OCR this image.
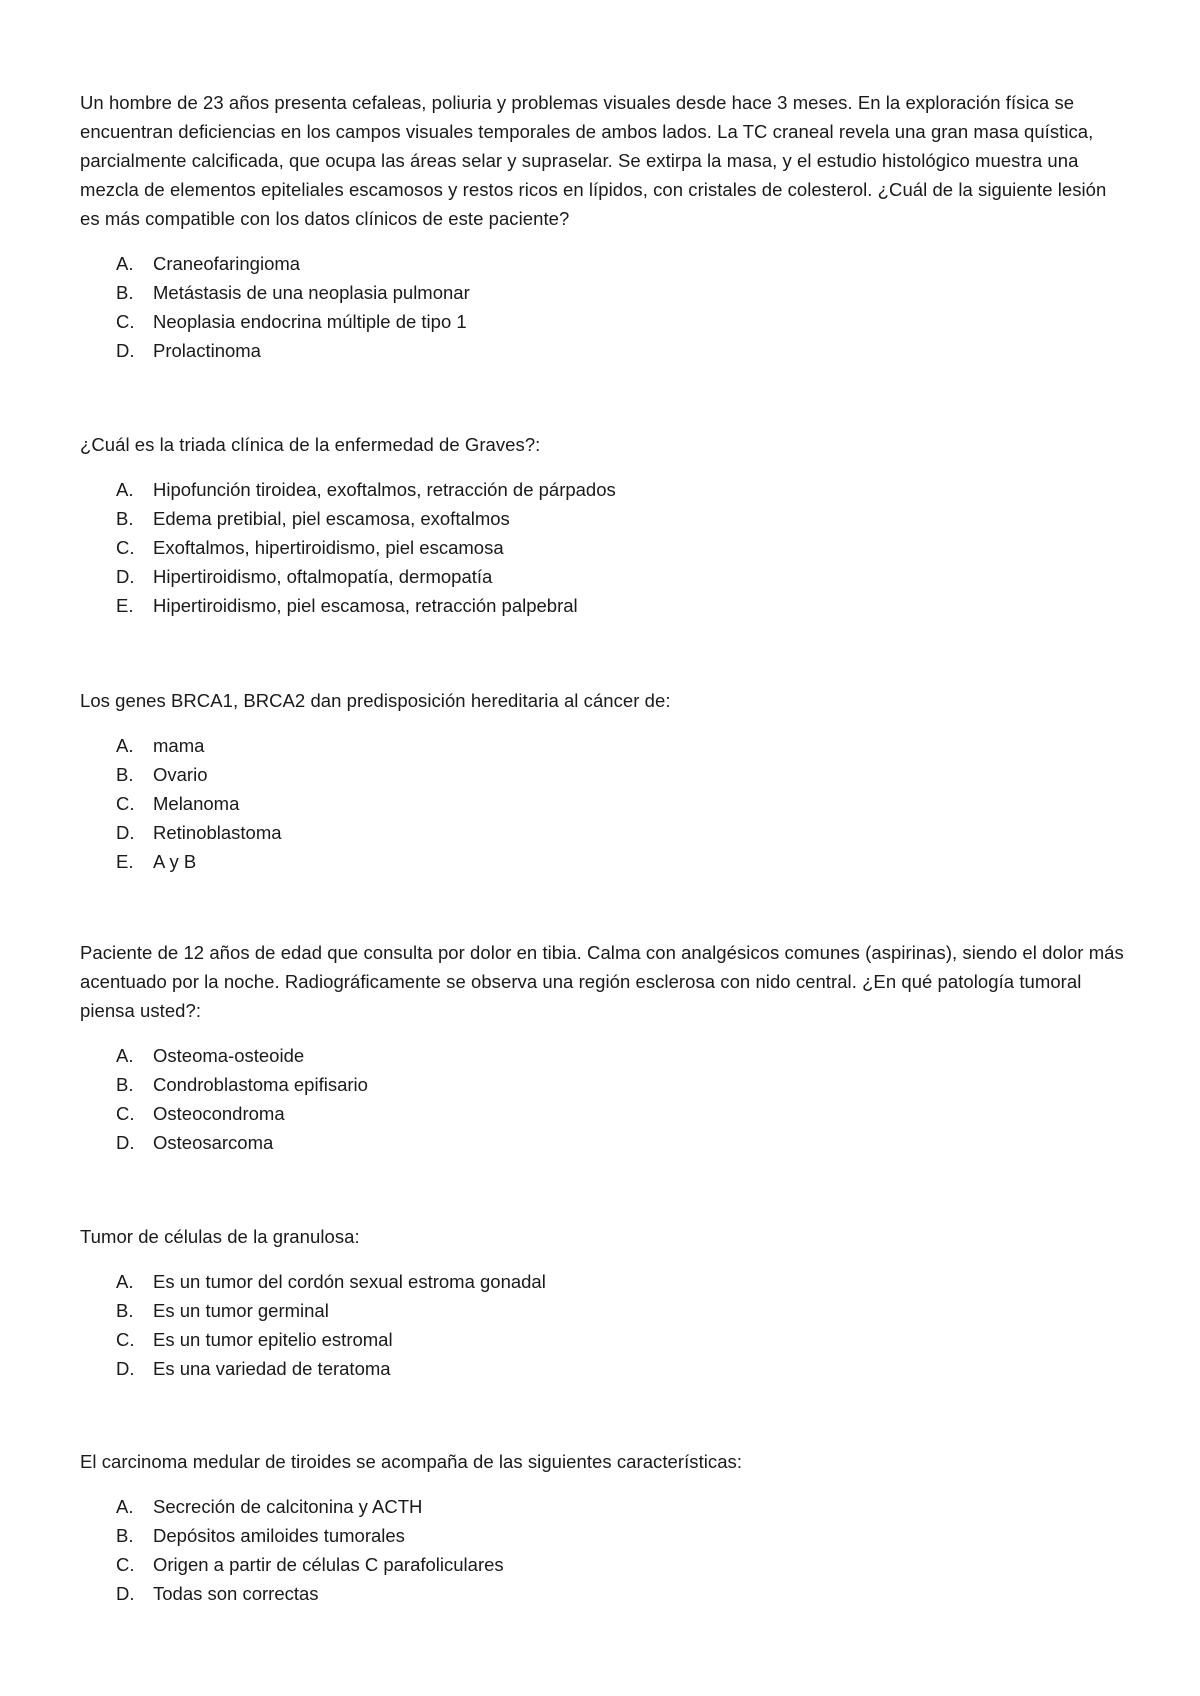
Un hombre de 23 años presenta cefaleas, poliuria y problemas visuales desde hace 3 meses. En la exploración física se encuentran deficiencias en los campos visuales temporales de ambos lados. La TC craneal revela una gran masa quística, parcialmente calcificada, que ocupa las áreas selar y supraselar. Se extirpa la masa, y el estudio histológico muestra una mezcla de elementos epiteliales escamosos y restos ricos en lípidos, con cristales de colesterol. ¿Cuál de la siguiente lesión es más compatible con los datos clínicos de este paciente?

A.	Craneofaringioma
B.	Metástasis de una neoplasia pulmonar
C.	Neoplasia endocrina múltiple de tipo 1
D.	Prolactinoma

¿Cuál es la triada clínica de la enfermedad de Graves?:

A.	Hipofunción tiroidea, exoftalmos, retracción de párpados
B.	Edema pretibial, piel escamosa, exoftalmos
C.	Exoftalmos, hipertiroidismo, piel escamosa
D.	Hipertiroidismo, oftalmopatía, dermopatía
E.	Hipertiroidismo, piel escamosa, retracción palpebral

Los genes BRCA1, BRCA2 dan predisposición hereditaria al cáncer de:

A.	mama
B.	Ovario
C.	Melanoma
D.	Retinoblastoma
E.	A y B

Paciente de 12 años de edad que consulta por dolor en tibia. Calma con analgésicos comunes (aspirinas), siendo el dolor más acentuado por la noche. Radiográficamente se observa una región esclerosa con nido central. ¿En qué patología tumoral piensa usted?:

A.	Osteoma-osteoide
B.	Condroblastoma epifisario
C.	Osteocondroma
D.	Osteosarcoma

Tumor de células de la granulosa:

A.	Es un tumor del cordón sexual estroma gonadal
B.	Es un tumor germinal
C.	Es un tumor epitelio estromal
D.	Es una variedad de teratoma

El carcinoma medular de tiroides se acompaña de las siguientes características:

A.	Secreción de calcitonina y ACTH
B.	Depósitos amiloides tumorales
C.	Origen a partir de células C parafoliculares
D.	Todas son correctas
